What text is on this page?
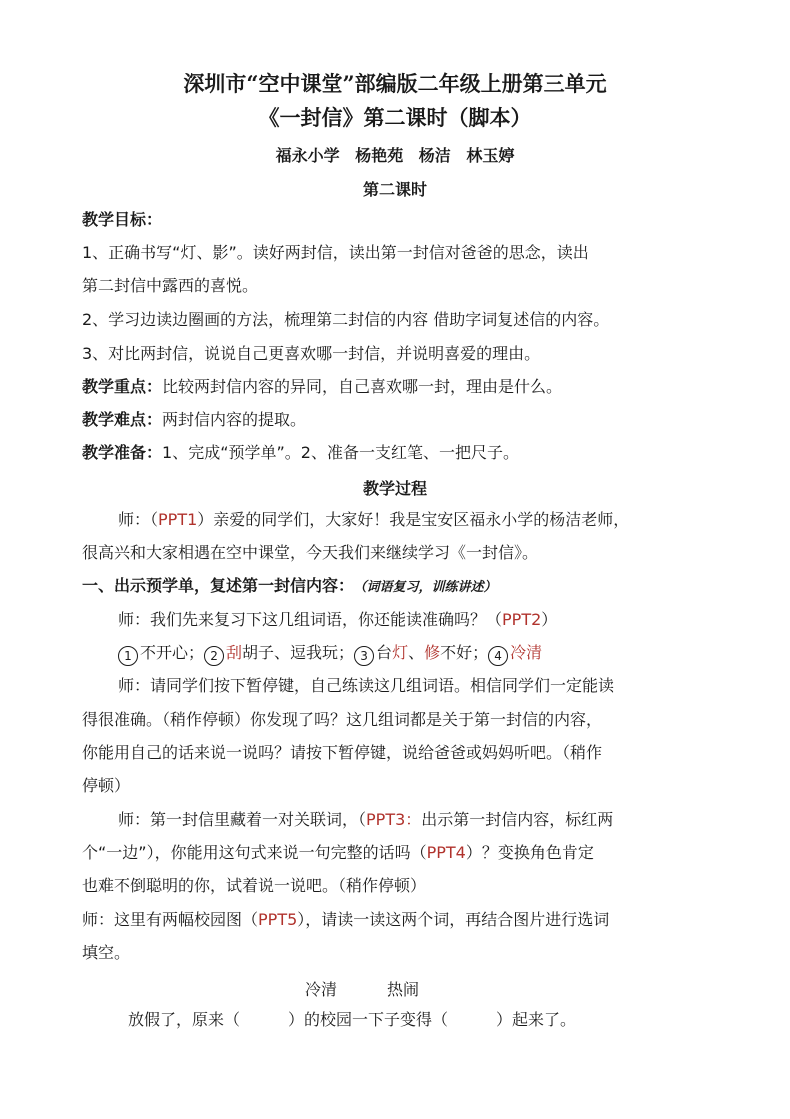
深圳市“空中课堂”部编版二年级上册第三单元
《一封信》第二课时（脚本）
福永小学 杨艳苑 杨洁 林玉婷
第二课时
教学目标：
1、正确书写“灯、影”。读好两封信，读出第一封信对爸爸的思念，读出
第二封信中露西的喜悦。
2、学习边读边圈画的方法，梳理第二封信的内容 借助字词复述信的内容。
3、对比两封信，说说自己更喜欢哪一封信，并说明喜爱的理由。
教学重点：比较两封信内容的异同，自己喜欢哪一封，理由是什么。
教学难点：两封信内容的提取。
教学准备：1、完成“预学单”。2、准备一支红笔、一把尺子。
教学过程
师：（PPT1）亲爱的同学们，大家好！我是宝安区福永小学的杨洁老师，
很高兴和大家相遇在空中课堂，今天我们来继续学习《一封信》。
一、出示预学单，复述第一封信内容： （词语复习，训练讲述）
师：我们先来复习下这几组词语，你还能读准确吗？（PPT2）
1 不开心； 2 刮胡子、逗我玩； 3 台灯、修不好； 4 冷清
师：请同学们按下暂停键，自己练读这几组词语。相信同学们一定能读
得很准确。（稍作停顿）你发现了吗？这几组词都是关于第一封信的内容，
你能用自己的话来说一说吗？请按下暂停键，说给爸爸或妈妈听吧。（稍作
停顿）
师：第一封信里藏着一对关联词，（PPT3：出示第一封信内容，标红两
个“一边”），你能用这句式来说一句完整的话吗（PPT4）？变换角色肯定
也难不倒聪明的你，试着说一说吧。（稍作停顿）
师：这里有两幅校园图（PPT5），请读一读这两个词，再结合图片进行选词
填空。
冷清	热闹
放假了，原来（　　　）的校园一下子变得（　　　）起来了。
